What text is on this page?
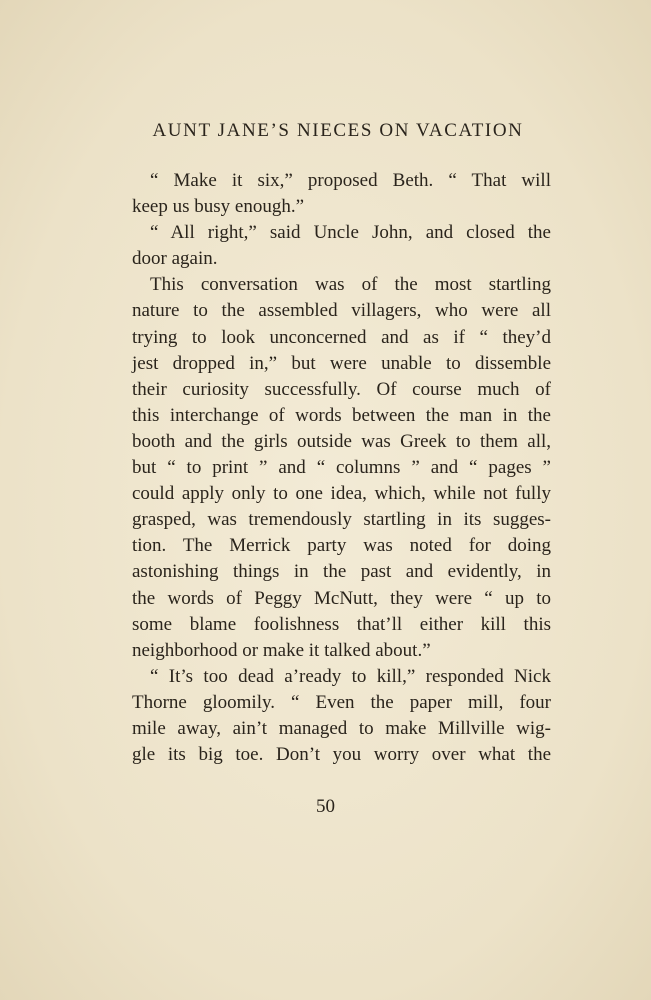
AUNT JANE’S NIECES ON VACATION
“ Make it six,” proposed Beth. “ That will
keep us busy enough.”
“ All right,” said Uncle John, and closed the
door again.
This conversation was of the most startling
nature to the assembled villagers, who were all
trying to look unconcerned and as if “ they’d
jest dropped in,” but were unable to dissemble
their curiosity successfully. Of course much of
this interchange of words between the man in the
booth and the girls outside was Greek to them all,
but “ to print ” and “ columns ” and “ pages ”
could apply only to one idea, which, while not fully
grasped, was tremendously startling in its sugges-
tion. The Merrick party was noted for doing
astonishing things in the past and evidently, in
the words of Peggy McNutt, they were “ up to
some blame foolishness that’ll either kill this
neighborhood or make it talked about.”
“ It’s too dead a’ready to kill,” responded Nick
Thorne gloomily. “ Even the paper mill, four
mile away, ain’t managed to make Millville wig-
gle its big toe. Don’t you worry over what the
50
